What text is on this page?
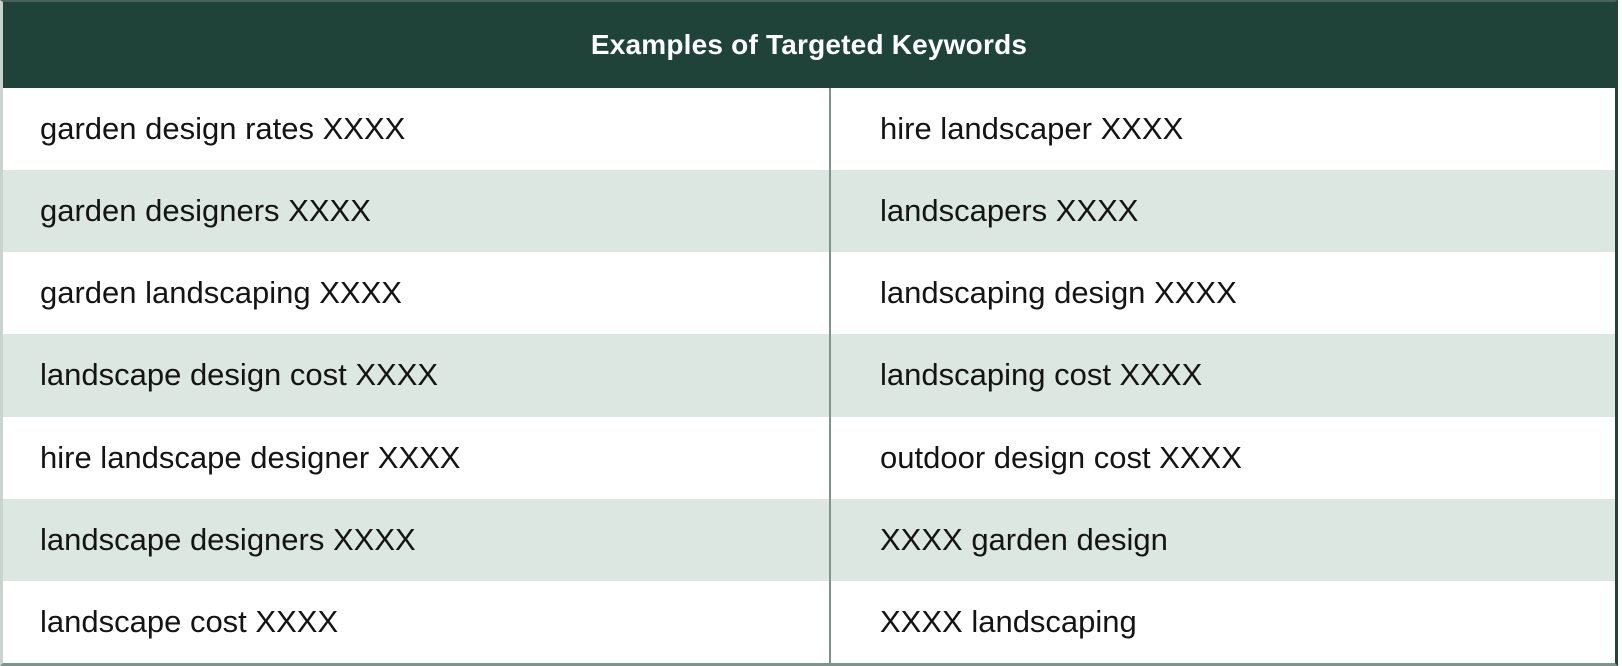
Examples of Targeted Keywords
garden design rates XXXX	hire landscaper XXXX
garden designers XXXX	landscapers XXXX
garden landscaping XXXX	landscaping design XXXX
landscape design cost XXXX	landscaping cost XXXX
hire landscape designer XXXX	outdoor design cost XXXX
landscape designers XXXX	XXXX garden design
landscape cost XXXX	XXXX landscaping
